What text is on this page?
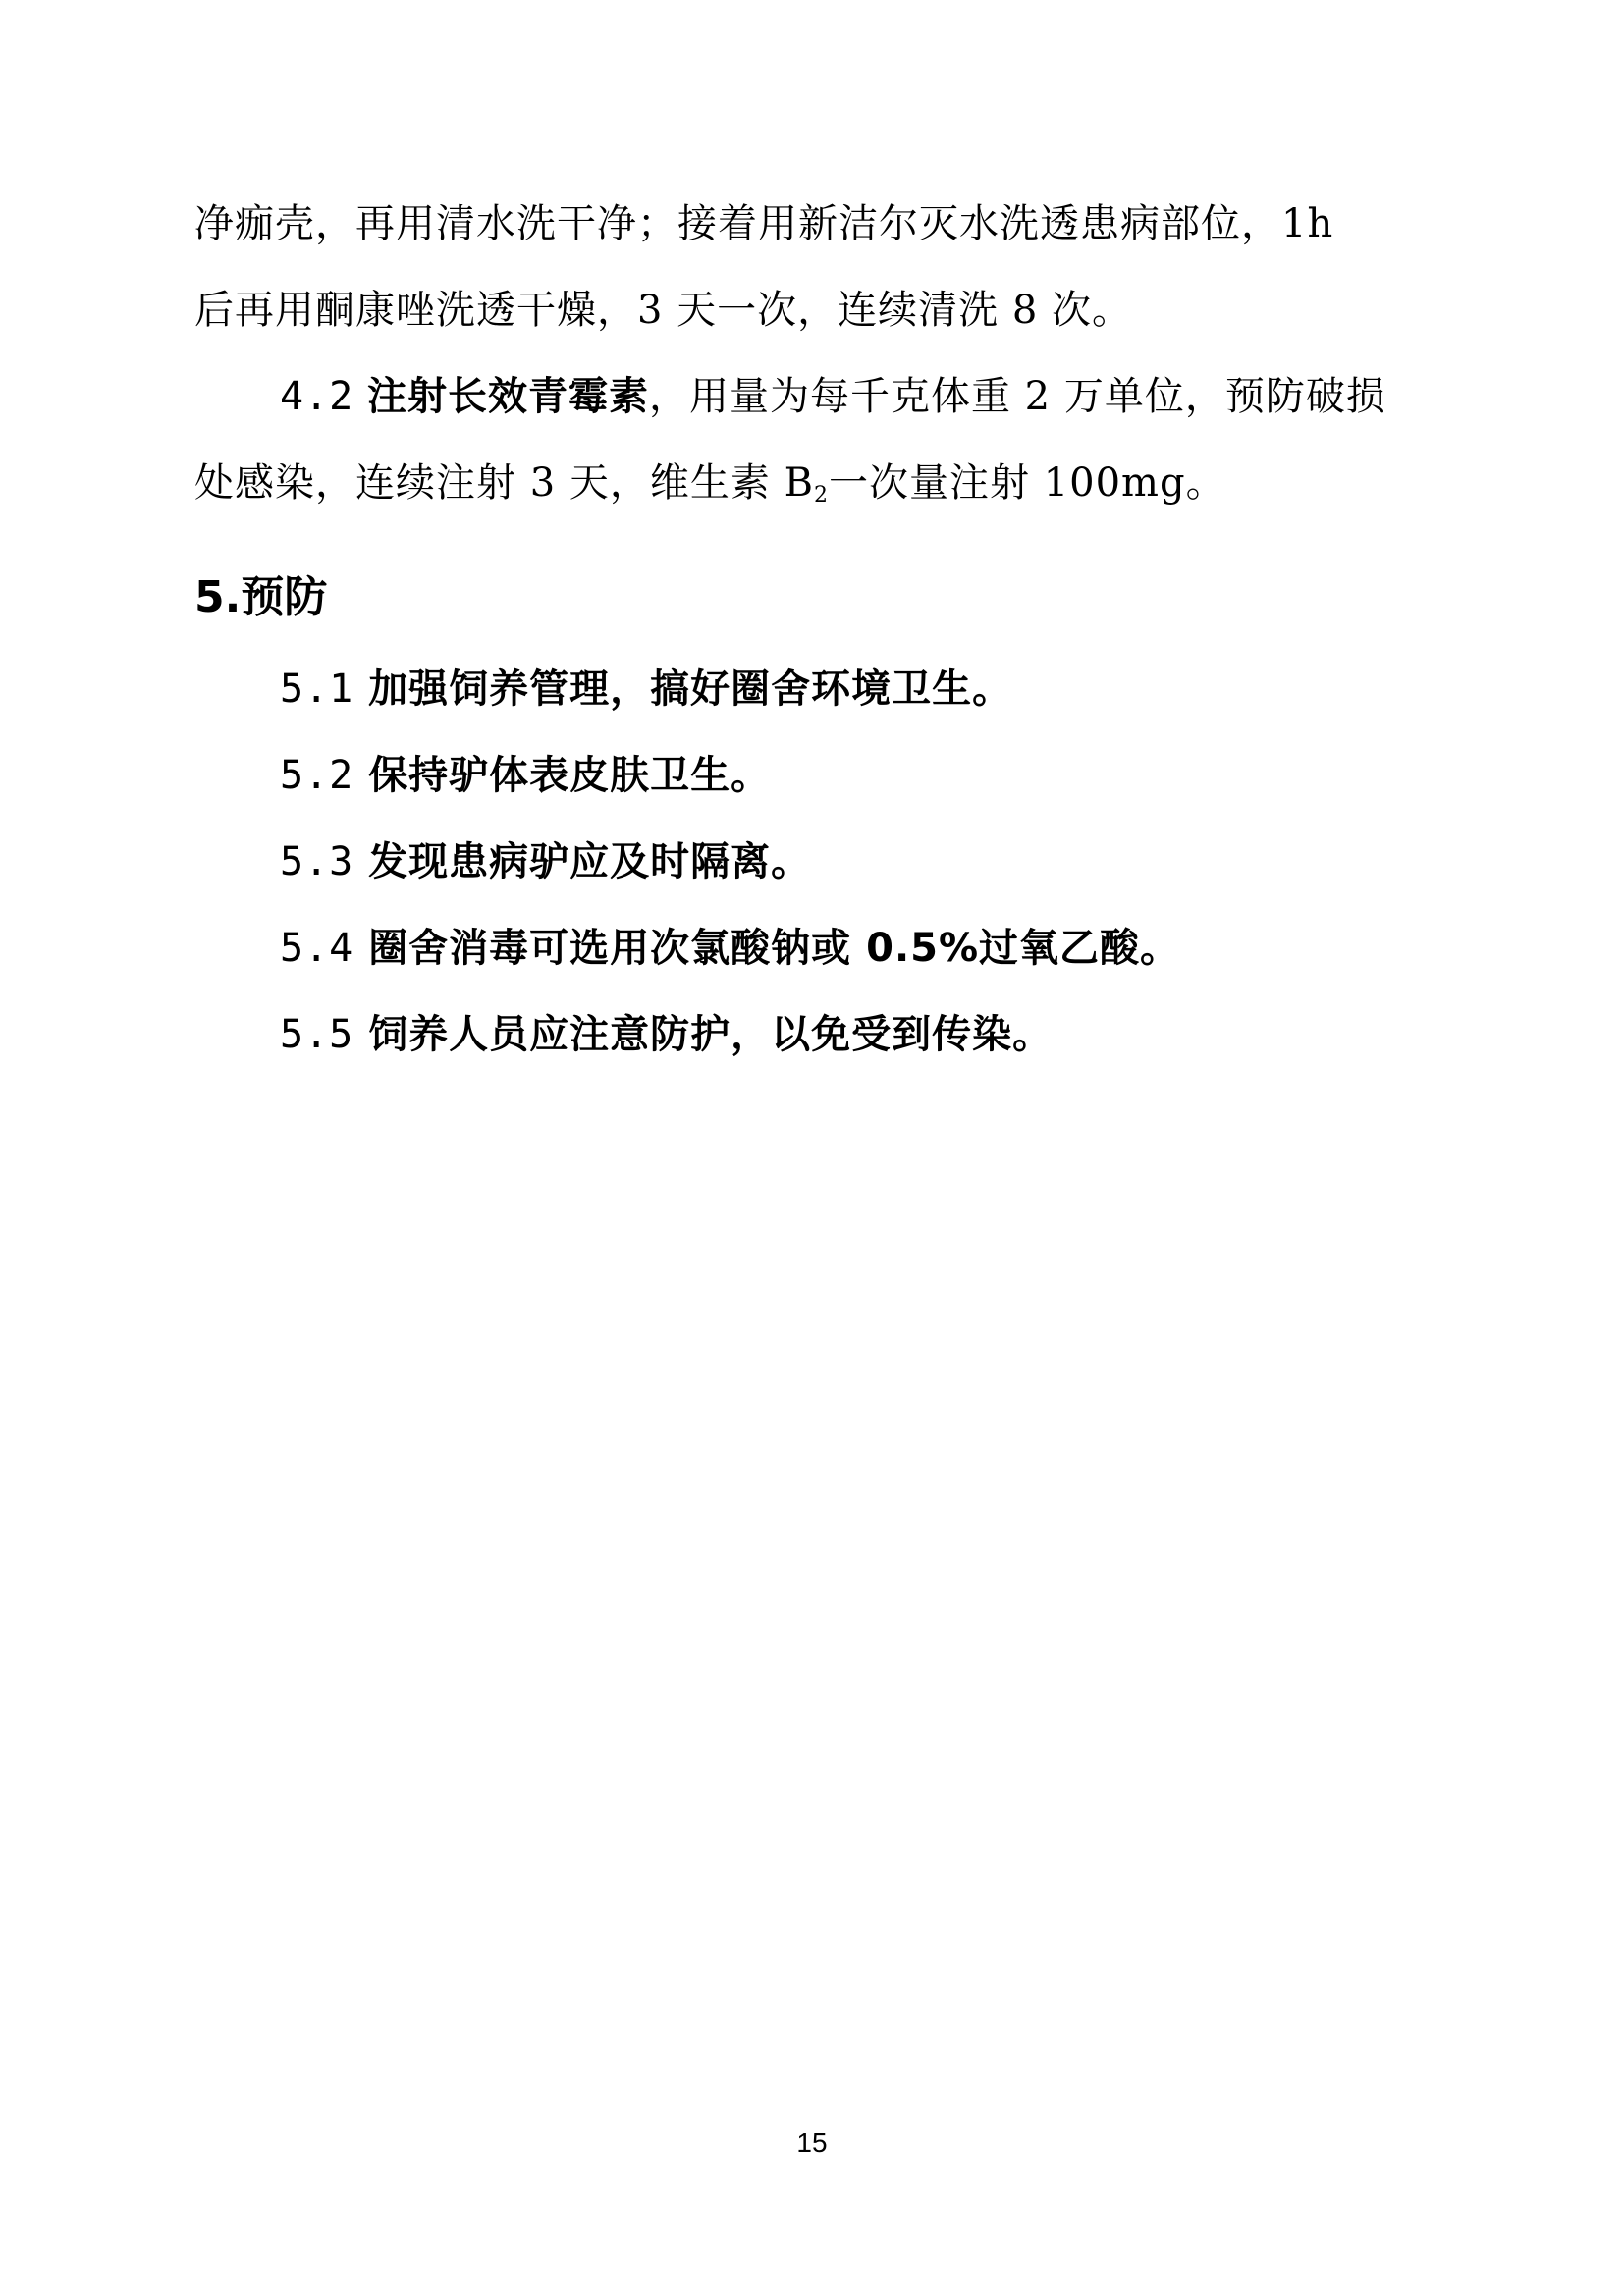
净痂壳，再用清水洗干净；接着用新洁尔灭水洗透患病部位，1h
后再用酮康唑洗透干燥，3 天一次，连续清洗 8 次。
4.2 注射长效青霉素，用量为每千克体重 2 万单位，预防破损
处感染，连续注射 3 天，维生素 $B_2$一次量注射 100mg。
5.预防
5.1 加强饲养管理，搞好圈舍环境卫生。
5.2 保持驴体表皮肤卫生。
5.3 发现患病驴应及时隔离。
5.4 圈舍消毒可选用次氯酸钠或 0.5%过氧乙酸。
5.5 饲养人员应注意防护，以免受到传染。
15
